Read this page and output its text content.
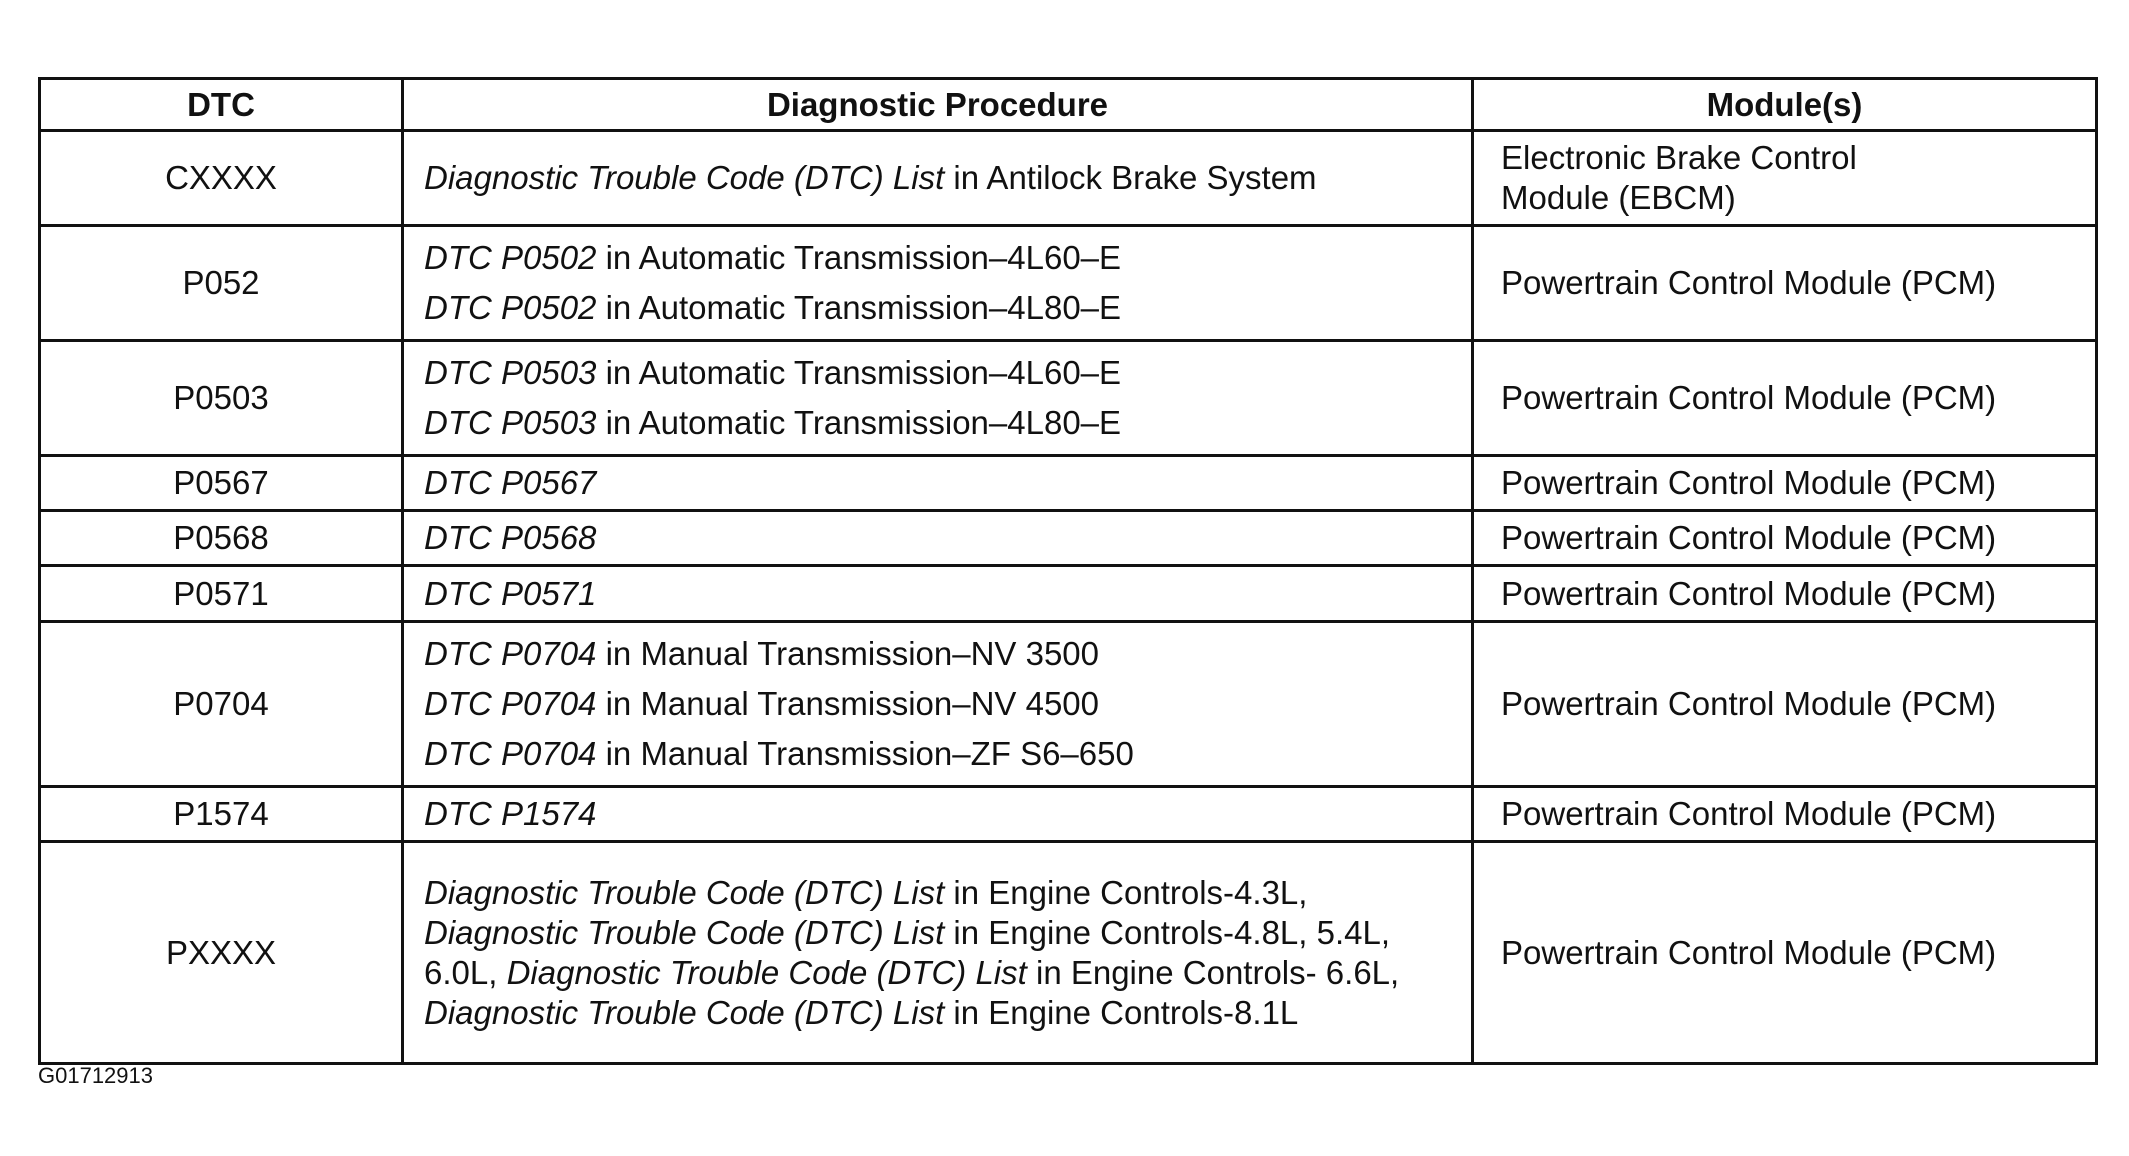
DTC	Diagnostic Procedure	Module(s)
CXXXX	Diagnostic Trouble Code (DTC) List in Antilock Brake System	Electronic Brake Control
Module (EBCM)
P052	DTC P0502 in Automatic Transmission–4L60–E
DTC P0502 in Automatic Transmission–4L80–E	Powertrain Control Module (PCM)
P0503	DTC P0503 in Automatic Transmission–4L60–E
DTC P0503 in Automatic Transmission–4L80–E	Powertrain Control Module (PCM)
P0567	DTC P0567	Powertrain Control Module (PCM)
P0568	DTC P0568	Powertrain Control Module (PCM)
P0571	DTC P0571	Powertrain Control Module (PCM)
P0704	DTC P0704 in Manual Transmission–NV 3500
DTC P0704 in Manual Transmission–NV 4500
DTC P0704 in Manual Transmission–ZF S6–650	Powertrain Control Module (PCM)
P1574	DTC P1574	Powertrain Control Module (PCM)
PXXXX	Diagnostic Trouble Code (DTC) List in Engine Controls-4.3L,
Diagnostic Trouble Code (DTC) List in Engine Controls-4.8L, 5.4L, 6.0L, Diagnostic Trouble Code (DTC) List in Engine Controls- 6.6L, Diagnostic Trouble Code (DTC) List in Engine Controls-8.1L	Powertrain Control Module (PCM)
G01712913
